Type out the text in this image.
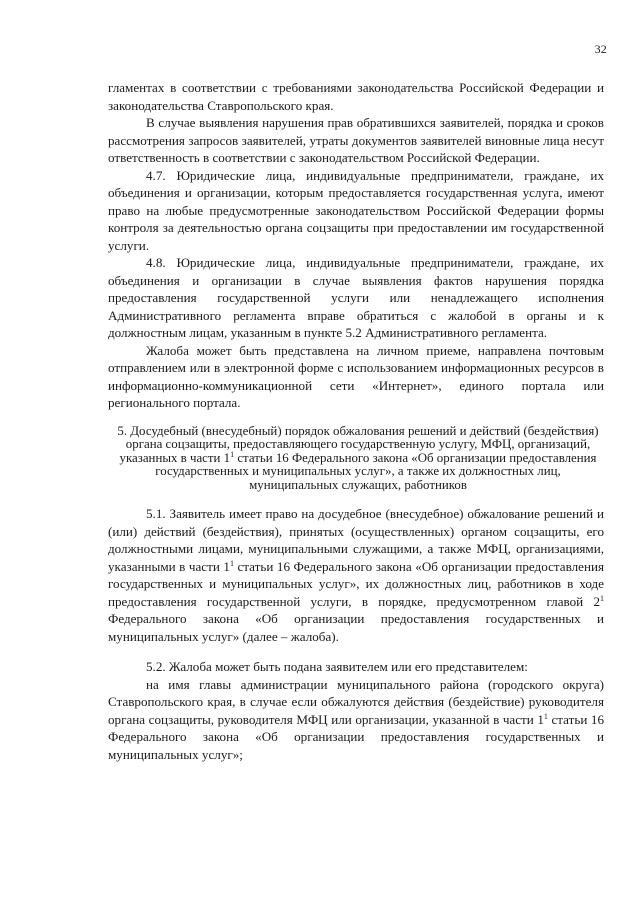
32

гламентах в соответствии с требованиями законодательства Российской Федерации и законодательства Ставропольского края.

В случае выявления нарушения прав обратившихся заявителей, порядка и сроков рассмотрения запросов заявителей, утраты документов заявителей виновные лица несут ответственность в соответствии с законодательством Российской Федерации.

4.7. Юридические лица, индивидуальные предприниматели, граждане, их объединения и организации, которым предоставляется государственная услуга, имеют право на любые предусмотренные законодательством Российской Федерации формы контроля за деятельностью органа соцзащиты при предоставлении им государственной услуги.

4.8. Юридические лица, индивидуальные предприниматели, граждане, их объединения и организации в случае выявления фактов нарушения порядка предоставления государственной услуги или ненадлежащего исполнения Административного регламента вправе обратиться с жалобой в органы и к должностным лицам, указанным в пункте 5.2 Административного регламента.

Жалоба может быть представлена на личном приеме, направлена почтовым отправлением или в электронной форме с использованием информационных ресурсов в информационно-коммуникационной сети «Интернет», единого портала или регионального портала.

5. Досудебный (внесудебный) порядок обжалования решений и действий (бездействия) органа соцзащиты, предоставляющего государственную услугу, МФЦ, организаций, указанных в части $1^1$ статьи 16 Федерального закона «Об организации предоставления государственных и муниципальных услуг», а также их должностных лиц, муниципальных служащих, работников

5.1. Заявитель имеет право на досудебное (внесудебное) обжалование решений и (или) действий (бездействия), принятых (осуществленных) органом соцзащиты, его должностными лицами, муниципальными служащими, а также МФЦ, организациями, указанными в части $1^1$ статьи 16 Федерального закона «Об организации предоставления государственных и муниципальных услуг», их должностных лиц, работников в ходе предоставления государственной услуги, в порядке, предусмотренном главой $2^1$ Федерального закона «Об организации предоставления государственных и муниципальных услуг» (далее – жалоба).

5.2. Жалоба может быть подана заявителем или его представителем:

на имя главы администрации муниципального района (городского округа) Ставропольского края, в случае если обжалуются действия (бездействие) руководителя органа соцзащиты, руководителя МФЦ или организации, указанной в части $1^1$ статьи 16 Федерального закона «Об организации предоставления государственных и муниципальных услуг»;
